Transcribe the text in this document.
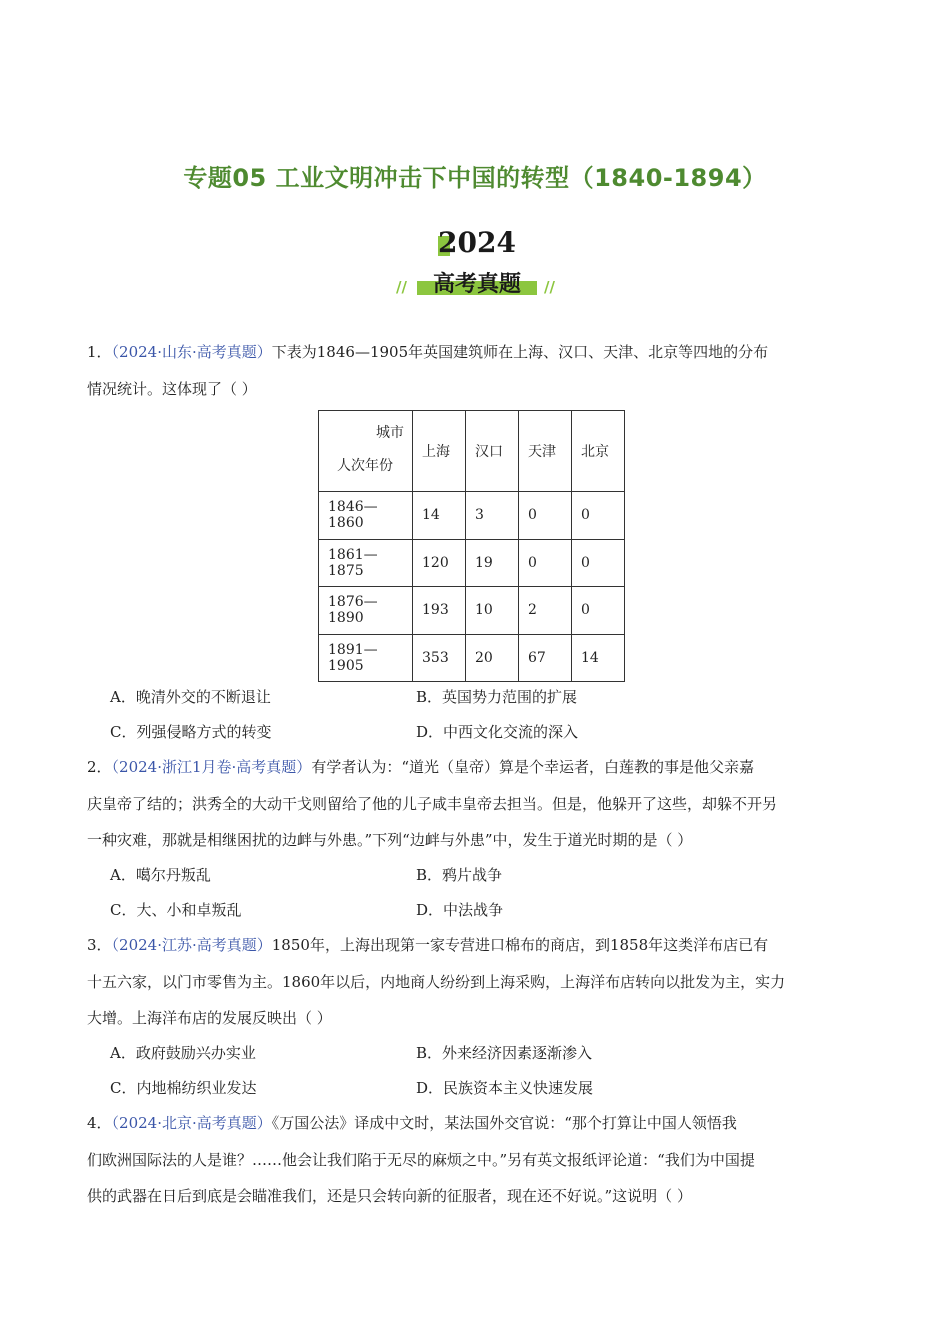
专题05 工业文明冲击下中国的转型（1840-1894）
2024
//	高考真题	//

1．（2024·山东·高考真题）下表为1846—1905年英国建筑师在上海、汉口、天津、北京等四地的分布

情况统计。这体现了（ ）

城市
人次年份	上海	汉口	天津	北京
1846—1860	14	3	0	0
1861—1875	120	19	0	0
1876—1890	193	10	2	0
1891—1905	353	20	67	14
A．晚清外交的不断退让	B．英国势力范围的扩展
C．列强侵略方式的转变	D．中西文化交流的深入

2．（2024·浙江1月卷·高考真题）有学者认为：“道光（皇帝）算是个幸运者，白莲教的事是他父亲嘉

庆皇帝了结的；洪秀全的大动干戈则留给了他的儿子咸丰皇帝去担当。但是，他躲开了这些，却躲不开另

一种灾难，那就是相继困扰的边衅与外患。”下列“边衅与外患”中，发生于道光时期的是（ ）

A．噶尔丹叛乱	B．鸦片战争
C．大、小和卓叛乱	D．中法战争

3．（2024·江苏·高考真题）1850年，上海出现第一家专营进口棉布的商店，到1858年这类洋布店已有

十五六家，以门市零售为主。1860年以后，内地商人纷纷到上海采购，上海洋布店转向以批发为主，实力

大增。上海洋布店的发展反映出（ ）

A．政府鼓励兴办实业	B．外来经济因素逐渐渗入
C．内地棉纺织业发达	D．民族资本主义快速发展

4．（2024·北京·高考真题）《万国公法》译成中文时，某法国外交官说：“那个打算让中国人领悟我

们欧洲国际法的人是谁？……他会让我们陷于无尽的麻烦之中。”另有英文报纸评论道：“我们为中国提

供的武器在日后到底是会瞄准我们，还是只会转向新的征服者，现在还不好说。”这说明（ ）
